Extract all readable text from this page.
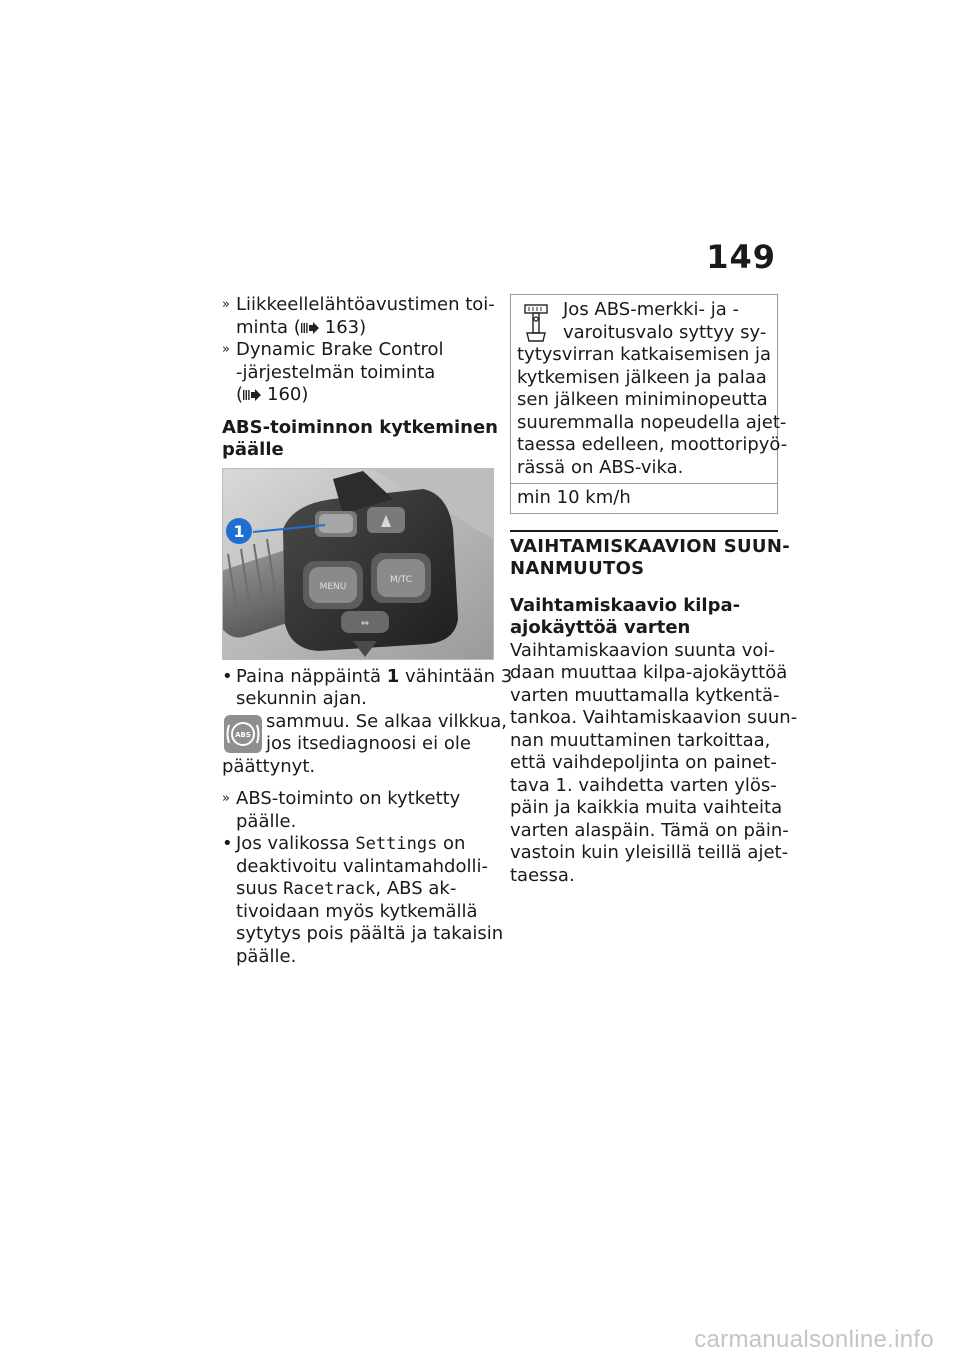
149
» Liikkeellelähtöavustimen toi-
minta ( 163)
» Dynamic Brake Control
-järjestelmän toiminta
( 160)
ABS-toiminnon kytkeminen
päälle
MENU
M/TC
⇔
1
• Paina näppäintä 1 vähintään 3
sekunnin ajan.
ABS
sammuu. Se alkaa vilkkua,
jos itsediagnoosi ei ole
päättynyt.
» ABS-toiminto on kytketty
päälle.
• Jos valikossa Settings on
deaktivoitu valintamahdolli-
suus Racetrack, ABS ak-
tivoidaan myös kytkemällä
sytytys pois päältä ja takaisin
päälle.
Jos ABS-merkki- ja -
varoitusvalo syttyy sy-
tytysvirran katkaisemisen ja
kytkemisen jälkeen ja palaa
sen jälkeen miniminopeutta
suuremmalla nopeudella ajet-
taessa edelleen, moottoripyö-
rässä on ABS-vika.
min 10 km/h
VAIHTAMISKAAVION SUUN-
NANMUUTOS
Vaihtamiskaavio kilpa-
ajokäyttöä varten
Vaihtamiskaavion suunta voi-
daan muuttaa kilpa-ajokäyttöä
varten muuttamalla kytkentä-
tankoa. Vaihtamiskaavion suun-
nan muuttaminen tarkoittaa,
että vaihdepoljinta on painet-
tava 1. vaihdetta varten ylös-
päin ja kaikkia muita vaihteita
varten alaspäin. Tämä on päin-
vastoin kuin yleisillä teillä ajet-
taessa.
carmanualsonline.info
